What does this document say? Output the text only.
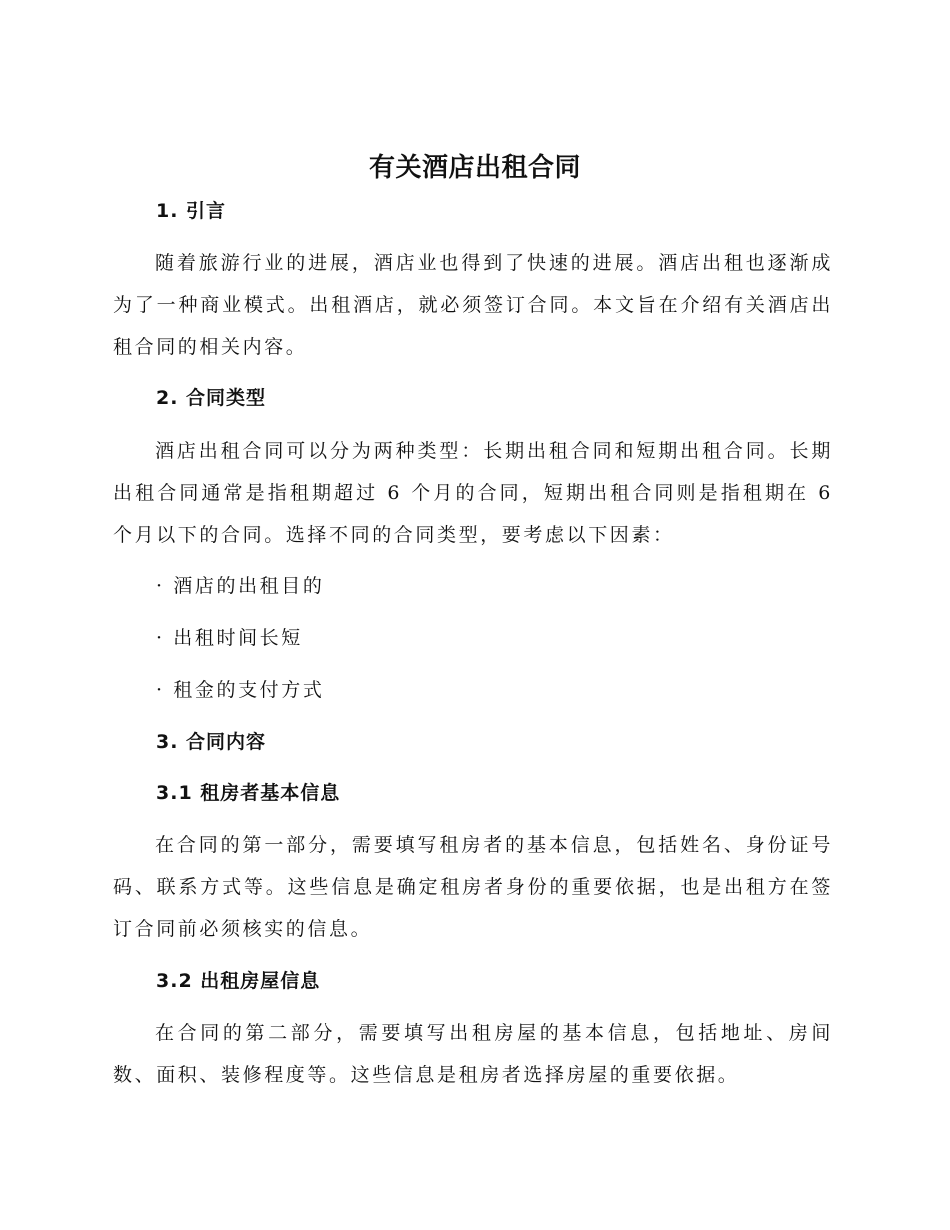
有关酒店出租合同
1. 引言
随着旅游行业的进展，酒店业也得到了快速的进展。酒店出租也逐渐成为了一种商业模式。出租酒店，就必须签订合同。本文旨在介绍有关酒店出租合同的相关内容。
2. 合同类型
酒店出租合同可以分为两种类型：长期出租合同和短期出租合同。长期出租合同通常是指租期超过 6 个月的合同，短期出租合同则是指租期在 6 个月以下的合同。选择不同的合同类型，要考虑以下因素：
· 酒店的出租目的
· 出租时间长短
· 租金的支付方式
3. 合同内容
3.1 租房者基本信息
在合同的第一部分，需要填写租房者的基本信息，包括姓名、身份证号码、联系方式等。这些信息是确定租房者身份的重要依据，也是出租方在签订合同前必须核实的信息。
3.2 出租房屋信息
在合同的第二部分，需要填写出租房屋的基本信息，包括地址、房间数、面积、装修程度等。这些信息是租房者选择房屋的重要依据。
